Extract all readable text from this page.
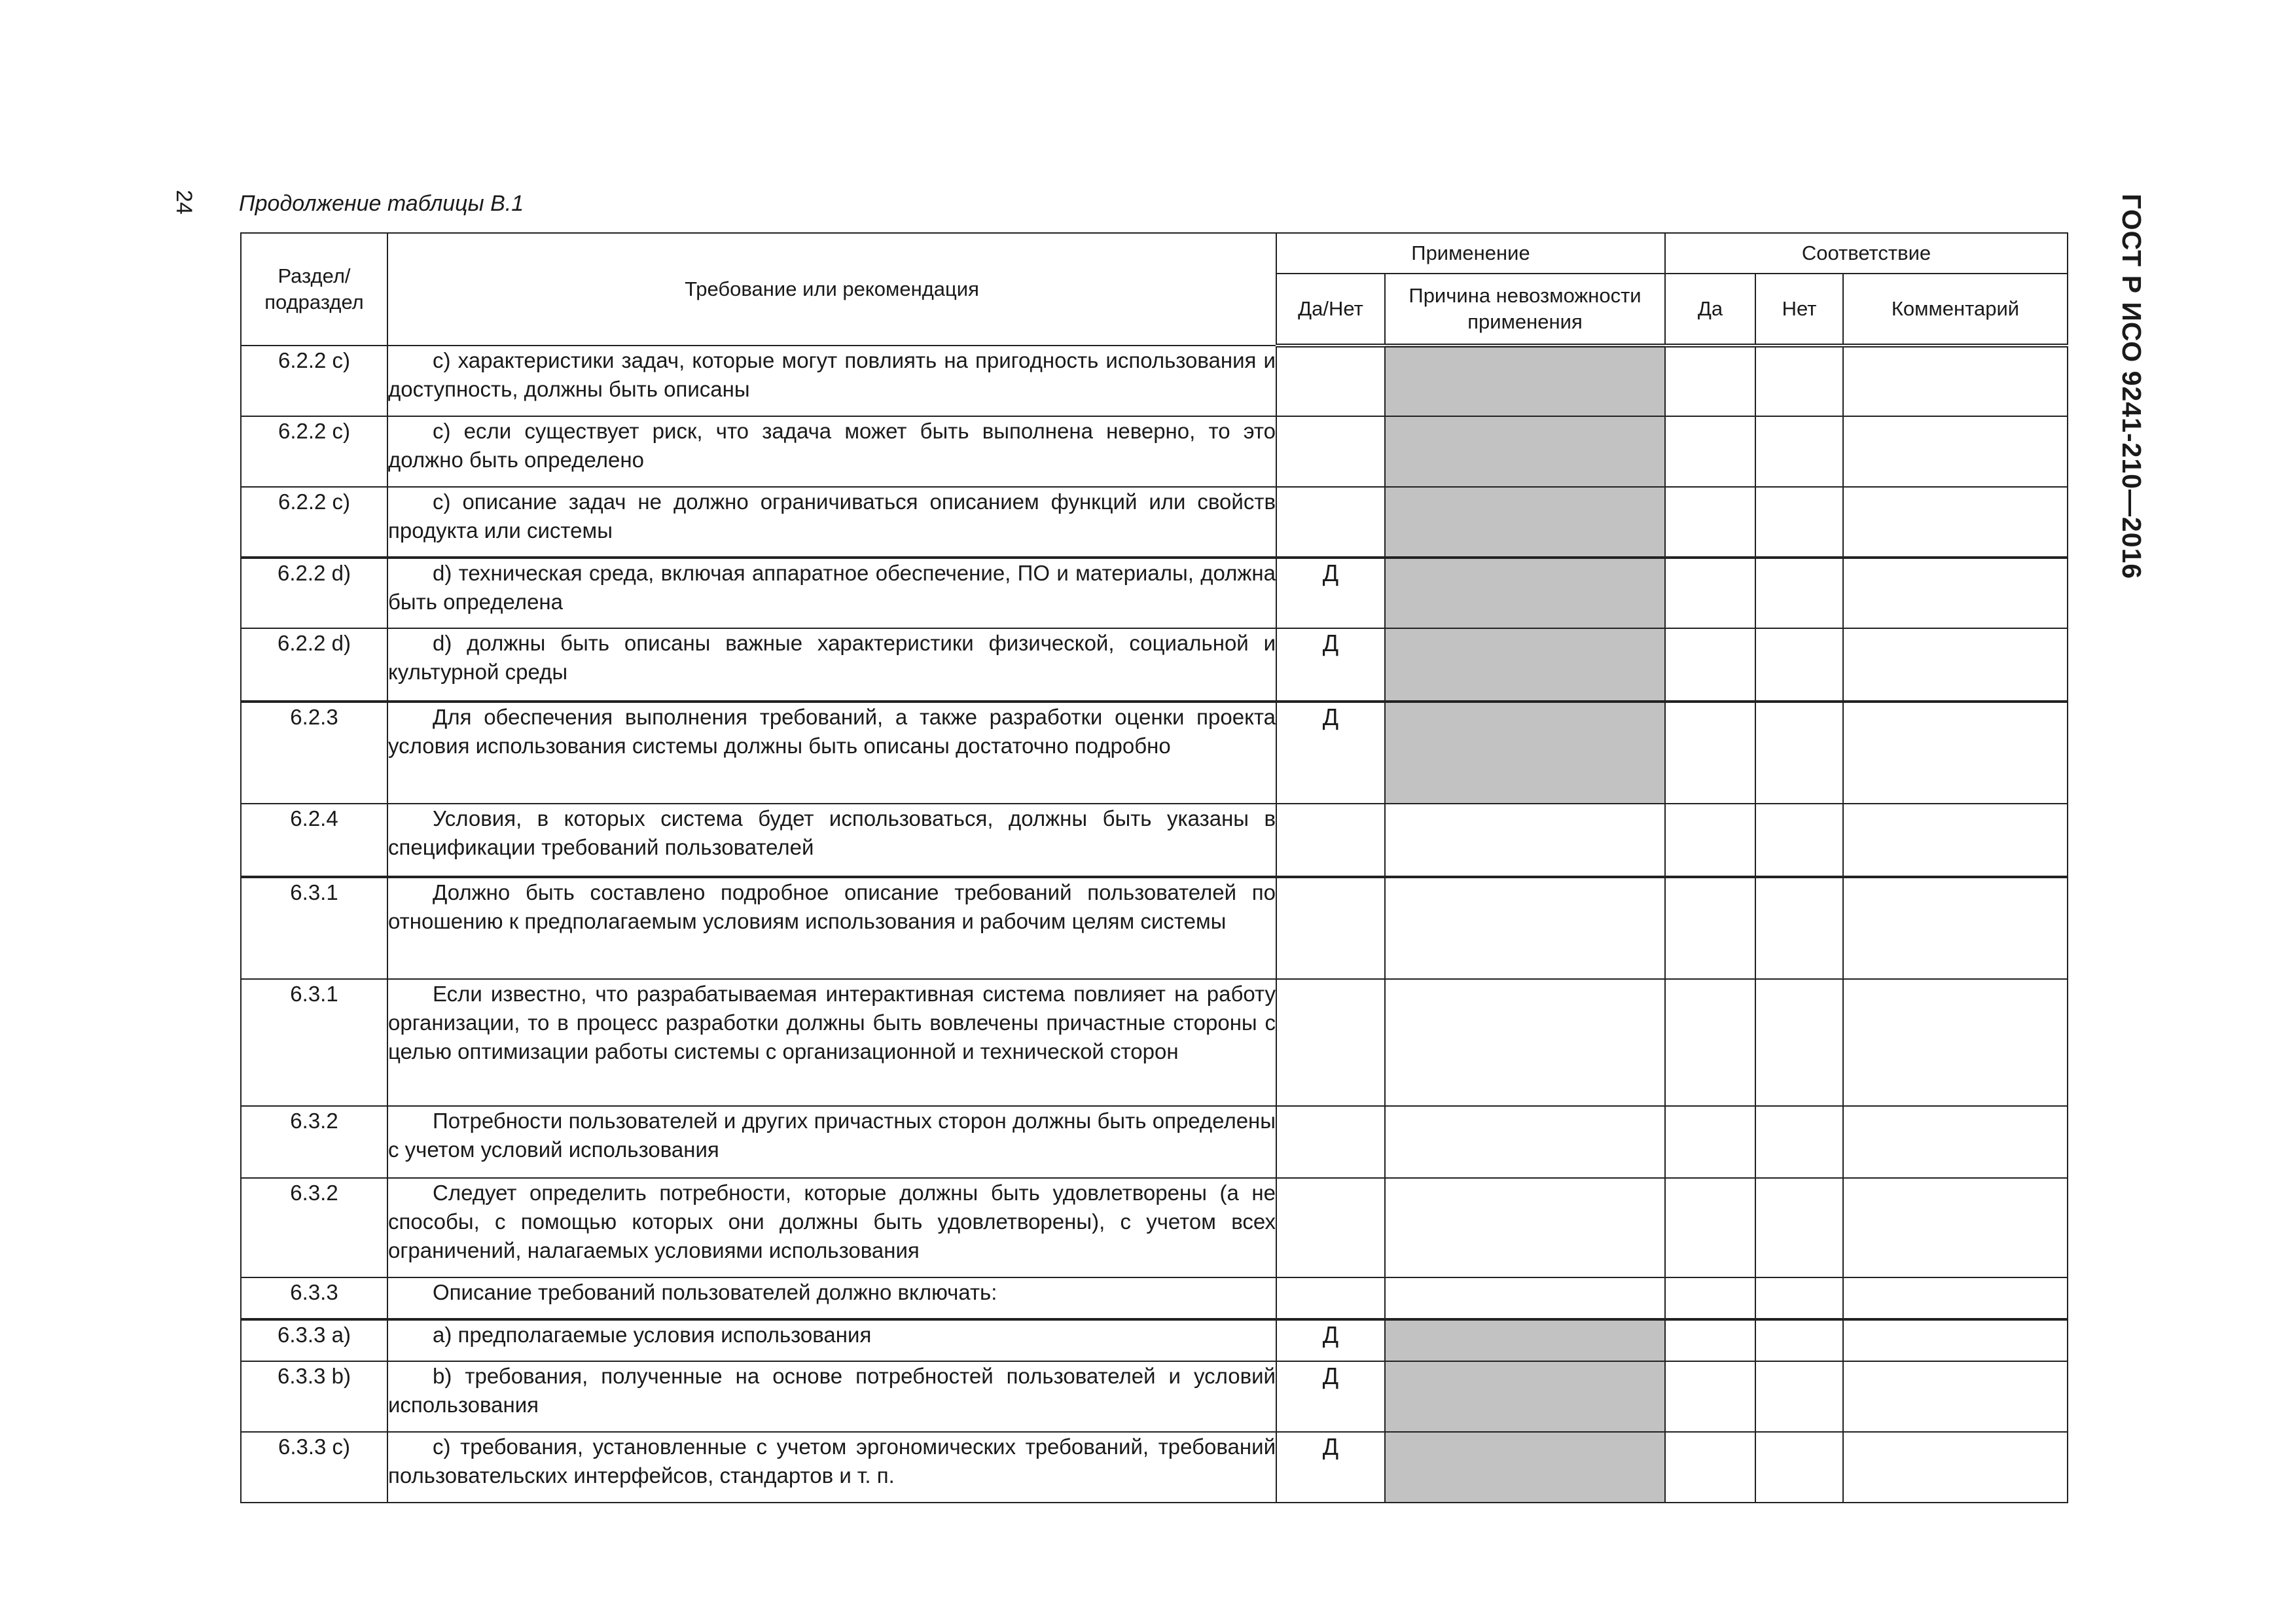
24 Продолжение таблицы В.1	ГОСТ Р ИСО 9241-210—2016
Раздел/ подраздел	Требование или рекомендация	Применение		Соответствие		
		Да/Нет	Причина невозможности применения	Да	Нет	Комментарий
6.2.2 c)	c) характеристики задач, которые могут повлиять на пригодность использования и доступность, должны быть описаны					

6.2.2 c)	c) если существует риск, что задача может быть выполнена неверно, то это должно быть определено					

6.2.2 c)	c) описание задач не должно ограничиваться описанием функций или свойств продукта или системы					

6.2.2 d)	d) техническая среда, включая аппаратное обеспечение, ПО и материалы, должна быть определена	Д				
6.2.2 d)	d) должны быть описаны важные характеристики физической, социальной и культурной среды	Д				
6.2.3	Для обеспечения выполнения требований, а также разработки оценки проекта условия использования системы должны быть описаны достаточно подробно	Д				
6.2.4	Условия, в которых система будет использоваться, должны быть указаны в спецификации требований пользователей					

6.3.1	Должно быть составлено подробное описание требований пользователей по отношению к предполагаемым условиям использования и рабочим целям системы					

6.3.1	Если известно, что разрабатываемая интерактивная система повлияет на работу организации, то в процесс разработки должны быть вовлечены причастные стороны с целью оптимизации работы системы с организационной и технической сторон					

6.3.2	Потребности пользователей и других причастных сторон должны быть определены с учетом условий использования					

6.3.2	Следует определить потребности, которые должны быть удовлетворены (а не способы, с помощью которых они должны быть удовлетворены), с учетом всех ограничений, налагаемых условиями использования					

6.3.3	Описание требований пользователей должно включать:					

6.3.3 a)	a) предполагаемые условия использования	Д				
6.3.3 b)	b) требования, полученные на основе потребностей пользователей и условий использования	Д				
6.3.3 c)	c) требования, установленные с учетом эргономических требований, требований пользовательских интерфейсов, стандартов и т. п.	Д				
